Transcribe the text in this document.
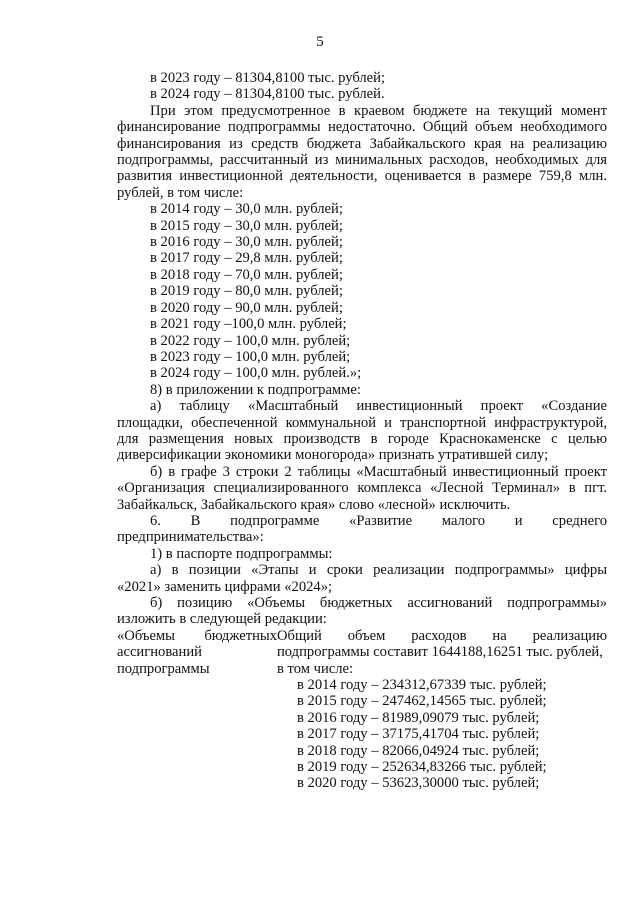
5
в 2023 году – 81304,8100 тыс. рублей;
в 2024 году – 81304,8100 тыс. рублей.
При этом предусмотренное в краевом бюджете на текущий момент
финансирование подпрограммы недостаточно. Общий объем необходимого
финансирования из средств бюджета Забайкальского края на реализацию
подпрограммы, рассчитанный из минимальных расходов, необходимых для
развития инвестиционной деятельности, оценивается в размере 759,8 млн.
рублей, в том числе:
в 2014 году – 30,0 млн. рублей;
в 2015 году – 30,0 млн. рублей;
в 2016 году – 30,0 млн. рублей;
в 2017 году – 29,8 млн. рублей;
в 2018 году – 70,0 млн. рублей;
в 2019 году – 80,0 млн. рублей;
в 2020 году – 90,0 млн. рублей;
в 2021 году –100,0 млн. рублей;
в 2022 году – 100,0 млн. рублей;
в 2023 году – 100,0 млн. рублей;
в 2024 году – 100,0 млн. рублей.»;
8) в приложении к подпрограмме:
а) таблицу «Масштабный инвестиционный проект «Создание
площадки, обеспеченной коммунальной и транспортной инфраструктурой,
для размещения новых производств в городе Краснокаменске с целью
диверсификации экономики моногорода» признать утратившей силу;
б) в графе 3 строки 2 таблицы «Масштабный инвестиционный проект
«Организация специализированного комплекса «Лесной Терминал» в пгт.
Забайкальск, Забайкальского края» слово «лесной» исключить.
6. В подпрограмме «Развитие малого и среднего
предпринимательства»:
1) в паспорте подпрограммы:
а) в позиции «Этапы и сроки реализации подпрограммы» цифры
«2021» заменить цифрами «2024»;
б) позицию «Объемы бюджетных ассигнований подпрограммы»
изложить в следующей редакции:
«Объемы бюджетных
ассигнований
подпрограммы
Общий объем расходов на реализацию
подпрограммы составит 1644188,16251 тыс. рублей,
в том числе:
в 2014 году – 234312,67339 тыс. рублей;
в 2015 году – 247462,14565 тыс. рублей;
в 2016 году – 81989,09079 тыс. рублей;
в 2017 году – 37175,41704 тыс. рублей;
в 2018 году – 82066,04924 тыс. рублей;
в 2019 году – 252634,83266 тыс. рублей;
в 2020 году – 53623,30000 тыс. рублей;
